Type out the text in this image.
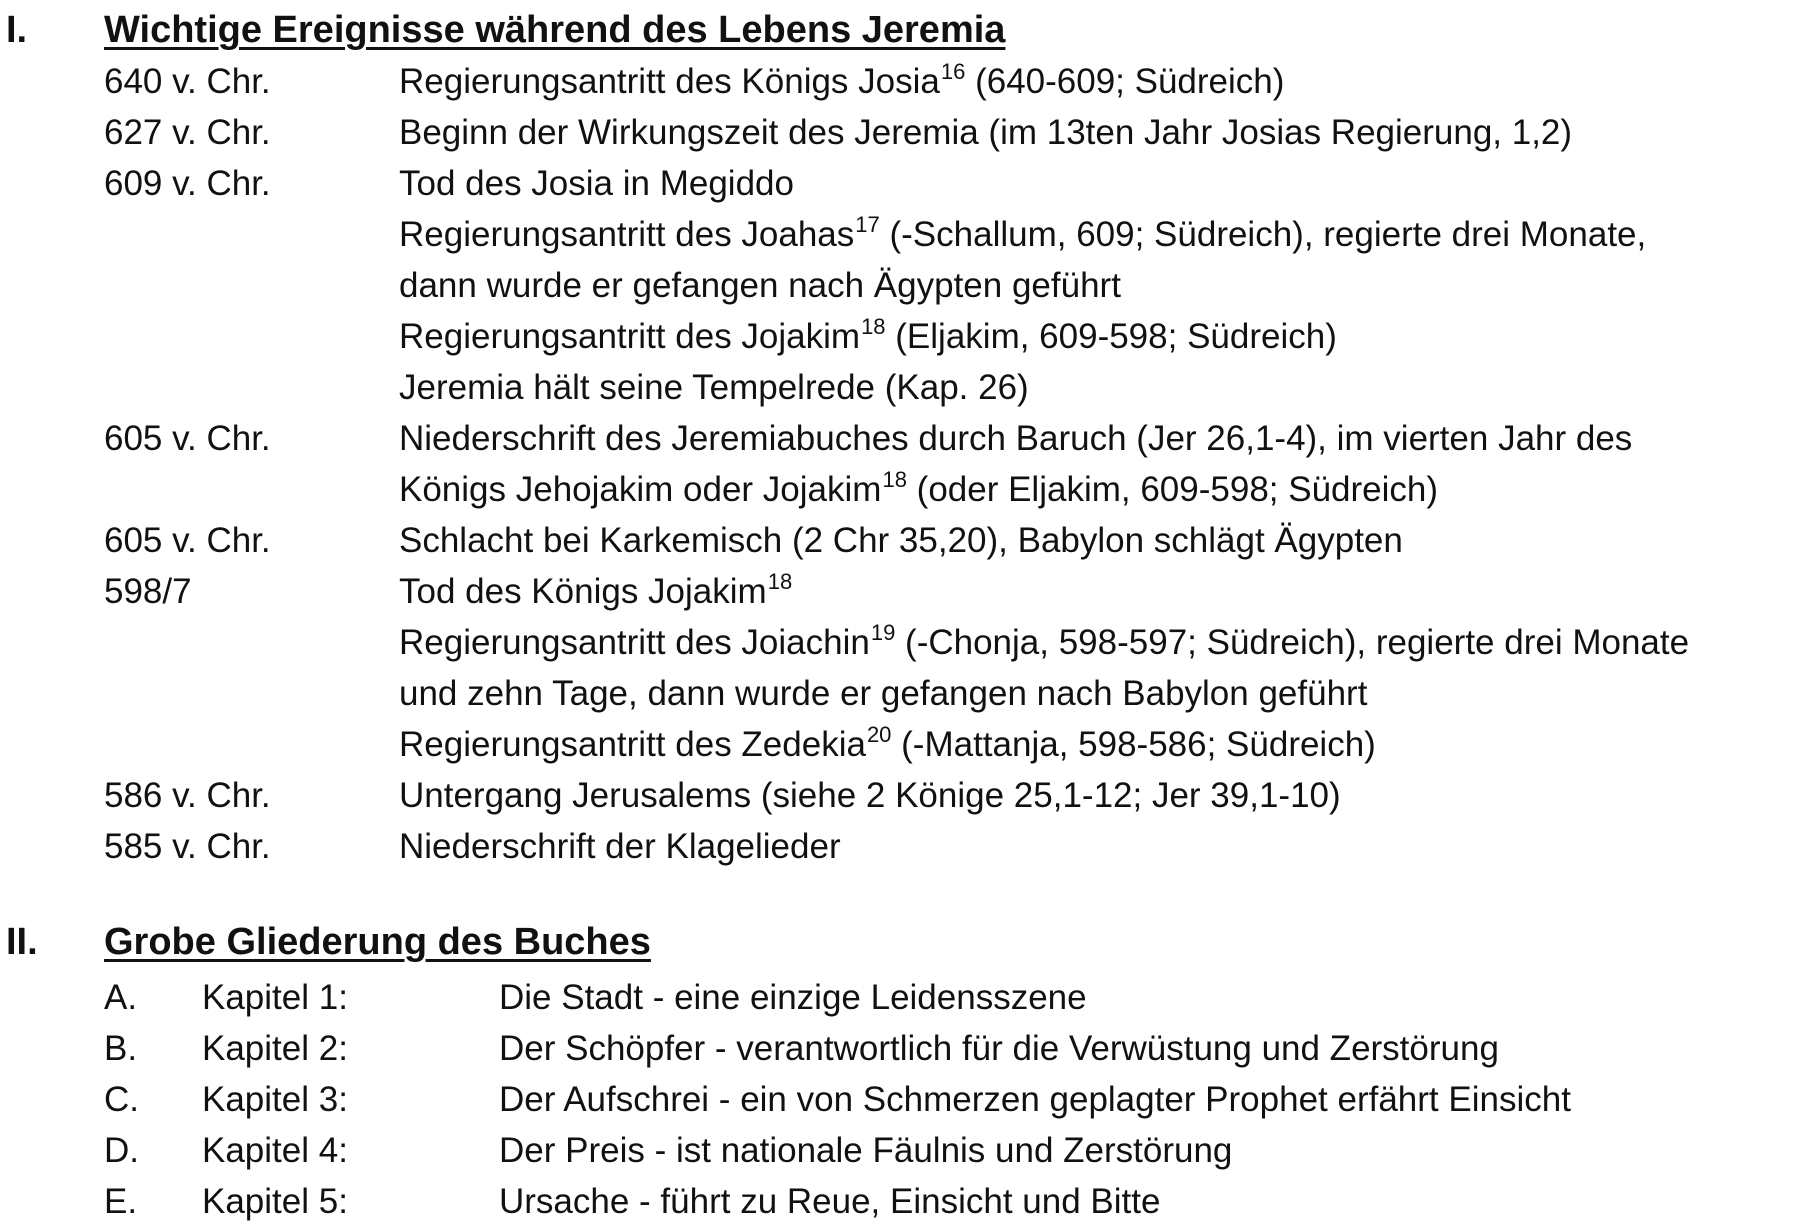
I. Wichtige Ereignisse während des Lebens Jeremia
640 v. Chr.	Regierungsantritt des Königs Josia$^{16}$ (640-609; Südreich)
627 v. Chr.	Beginn der Wirkungszeit des Jeremia (im 13ten Jahr Josias Regierung, 1,2)
609 v. Chr.	Tod des Josia in Megiddo
Regierungsantritt des Joahas$^{17}$ (-Schallum, 609; Südreich), regierte drei Monate,
dann wurde er gefangen nach Ägypten geführt
Regierungsantritt des Jojakim$^{18}$ (Eljakim, 609-598; Südreich)
Jeremia hält seine Tempelrede (Kap. 26)
605 v. Chr.	Niederschrift des Jeremiabuches durch Baruch (Jer 26,1-4), im vierten Jahr des
Königs Jehojakim oder Jojakim$^{18}$ (oder Eljakim, 609-598; Südreich)
605 v. Chr.	Schlacht bei Karkemisch (2 Chr 35,20), Babylon schlägt Ägypten
598/7	Tod des Königs Jojakim$^{18}$
Regierungsantritt des Joiachin$^{19}$ (-Chonja, 598-597; Südreich), regierte drei Monate
und zehn Tage, dann wurde er gefangen nach Babylon geführt
Regierungsantritt des Zedekia$^{20}$ (-Mattanja, 598-586; Südreich)
586 v. Chr.	Untergang Jerusalems (siehe 2 Könige 25,1-12; Jer 39,1-10)
585 v. Chr.	Niederschrift der Klagelieder
II. Grobe Gliederung des Buches
A. Kapitel 1:	Die Stadt - eine einzige Leidensszene
B. Kapitel 2:	Der Schöpfer - verantwortlich für die Verwüstung und Zerstörung
C. Kapitel 3:	Der Aufschrei - ein von Schmerzen geplagter Prophet erfährt Einsicht
D. Kapitel 4:	Der Preis - ist nationale Fäulnis und Zerstörung
E. Kapitel 5:	Ursache - führt zu Reue, Einsicht und Bitte
